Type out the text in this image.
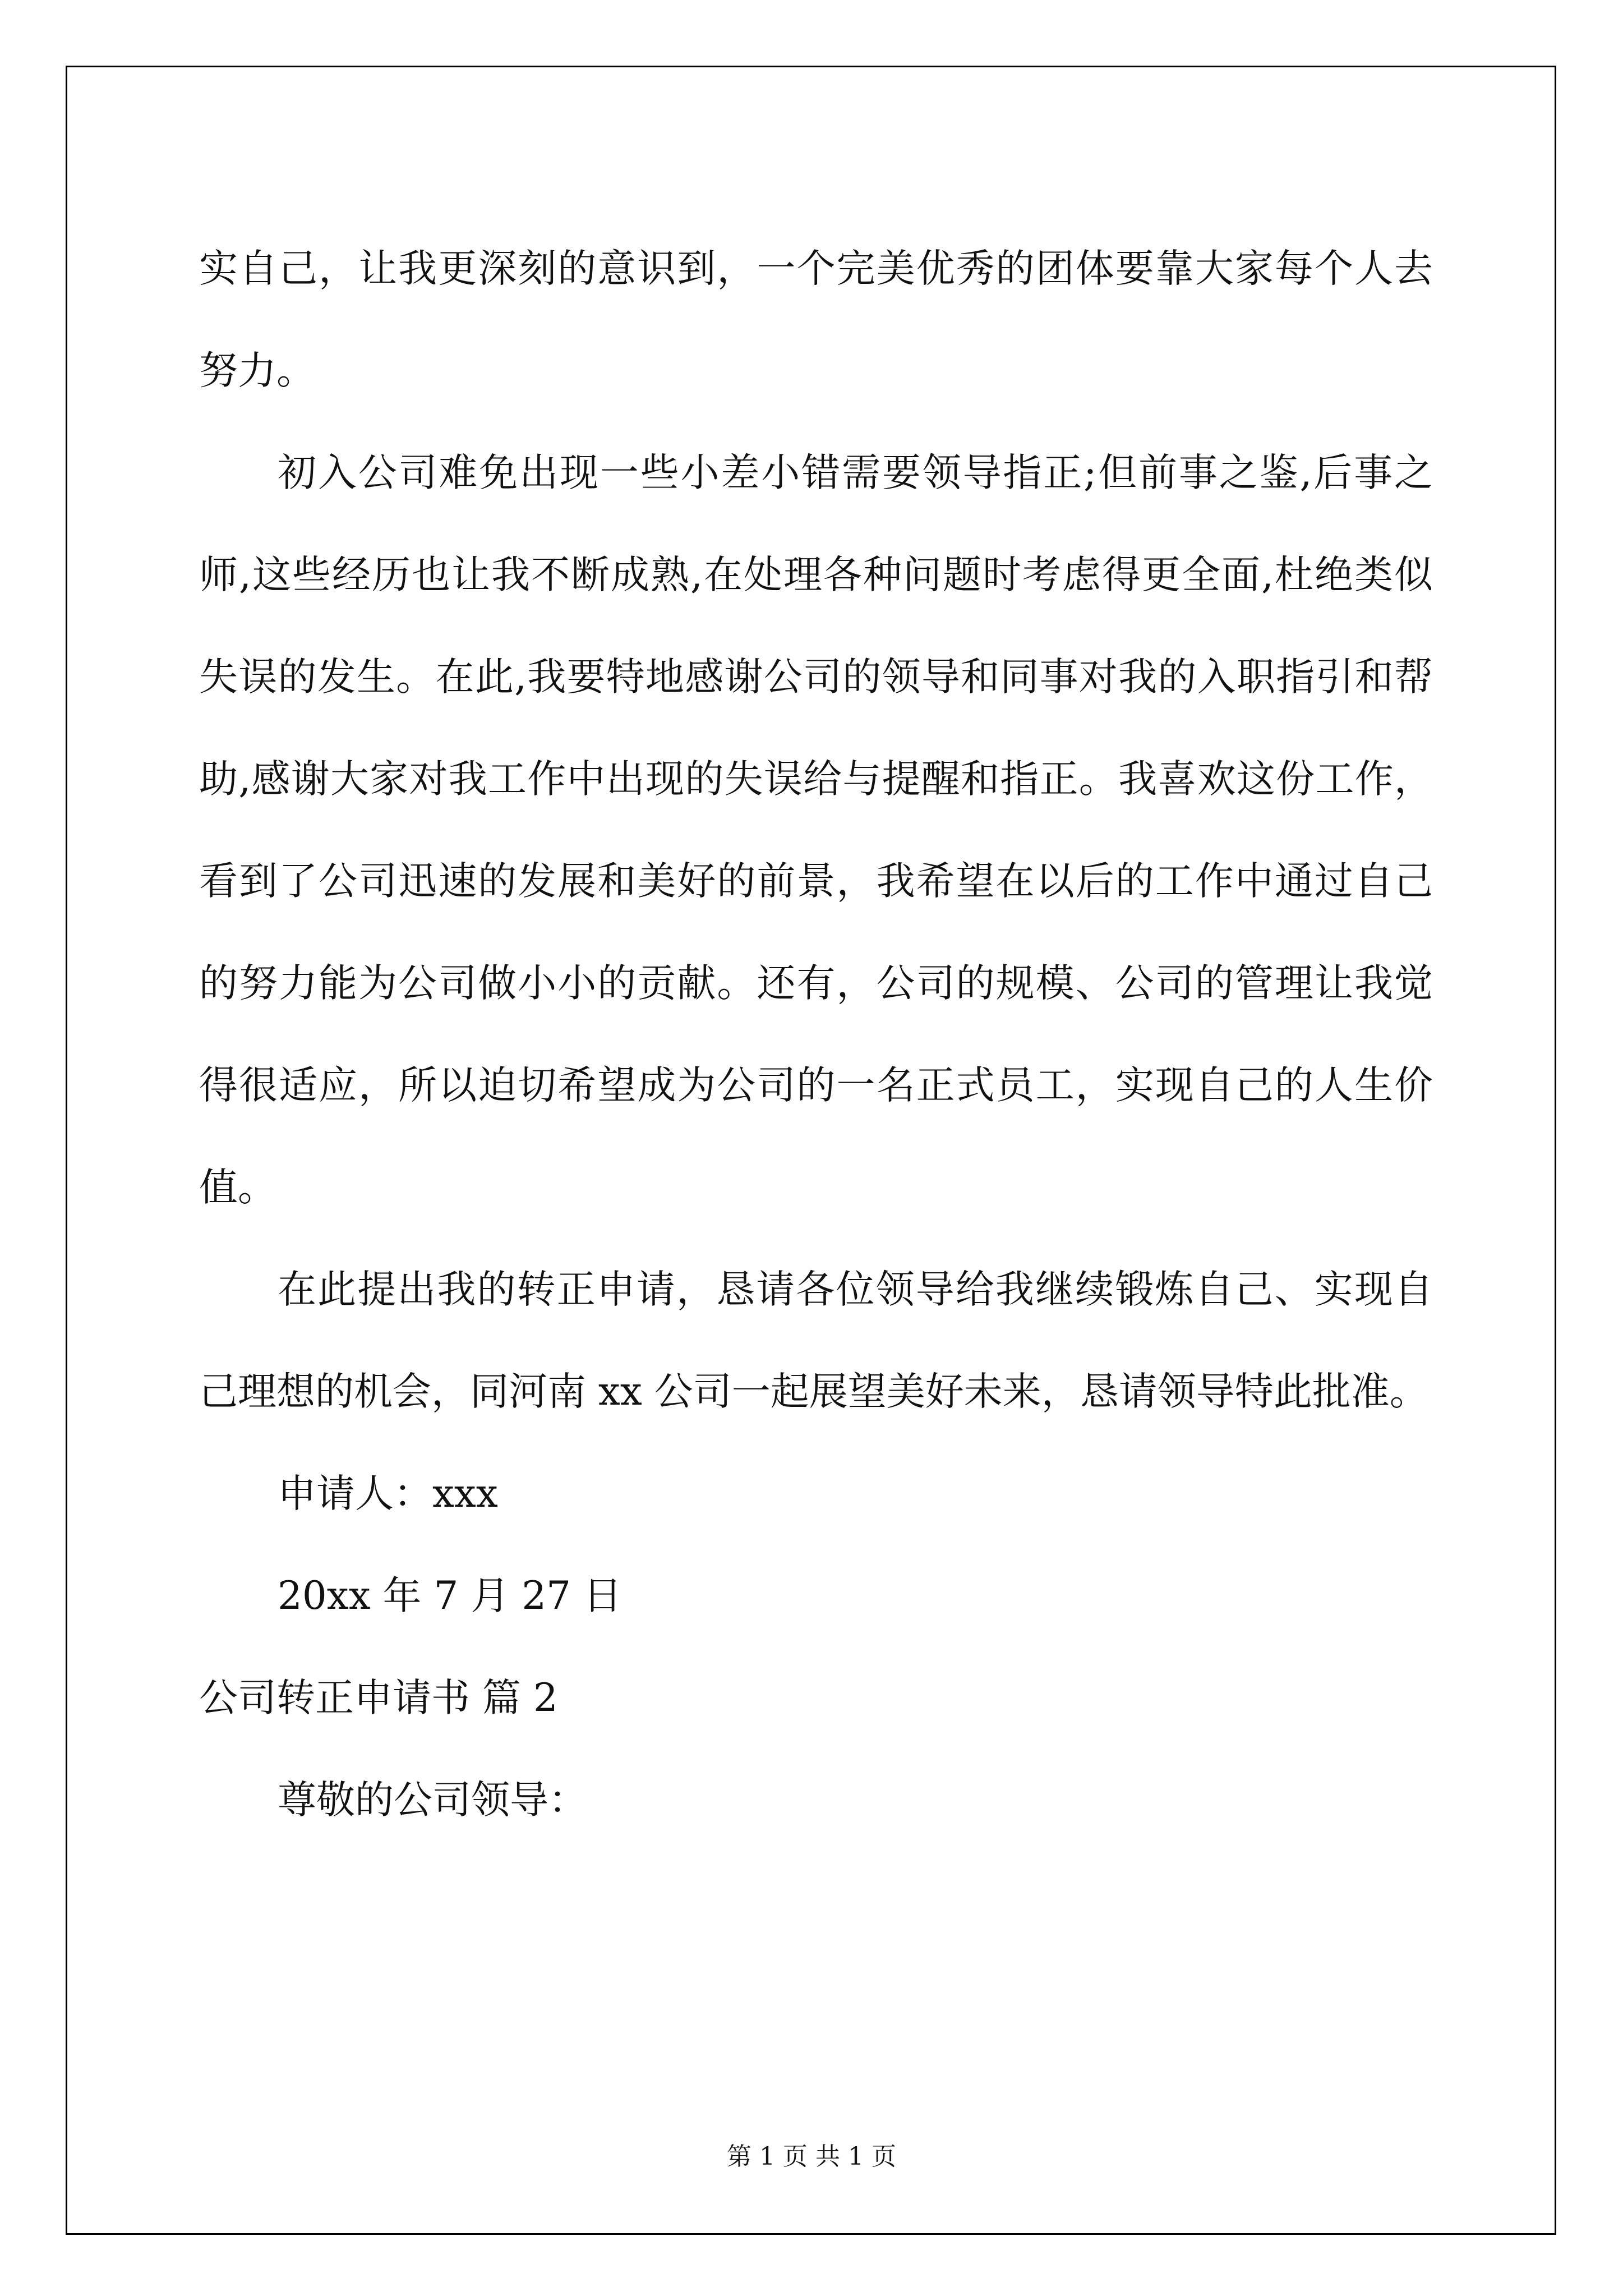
实自己，让我更深刻的意识到，一个完美优秀的团体要靠大家每个人去努力。

初入公司难免出现一些小差小错需要领导指正;但前事之鉴,后事之师,这些经历也让我不断成熟,在处理各种问题时考虑得更全面,杜绝类似失误的发生。在此,我要特地感谢公司的领导和同事对我的入职指引和帮助,感谢大家对我工作中出现的失误给与提醒和指正。我喜欢这份工作，看到了公司迅速的发展和美好的前景，我希望在以后的工作中通过自己的努力能为公司做小小的贡献。还有，公司的规模、公司的管理让我觉得很适应，所以迫切希望成为公司的一名正式员工，实现自己的人生价值。

在此提出我的转正申请，恳请各位领导给我继续锻炼自己、实现自己理想的机会，同河南 xx 公司一起展望美好未来，恳请领导特此批准。

申请人：xxx

20xx 年 7 月 27 日

公司转正申请书 篇 2

尊敬的公司领导：

第 1 页 共 1 页
